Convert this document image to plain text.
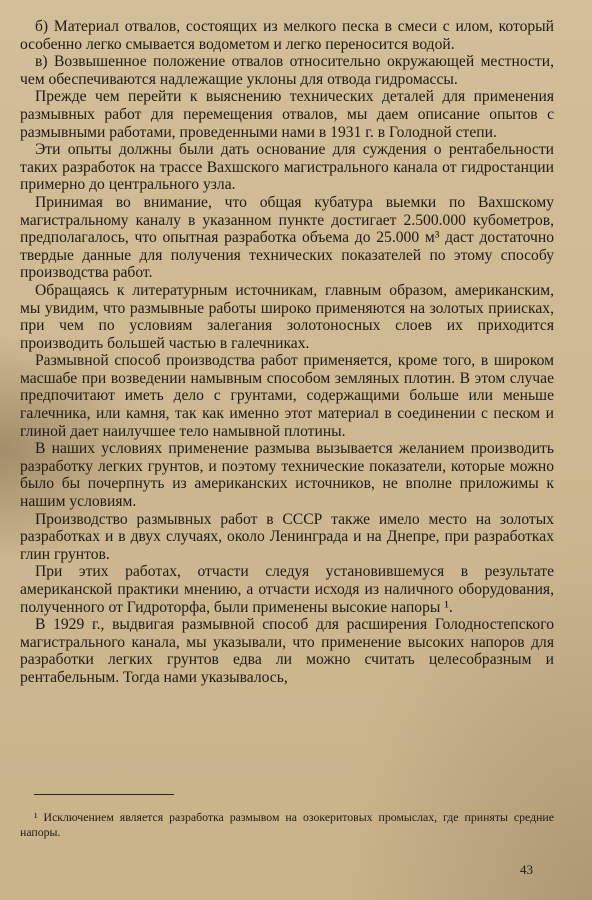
б) Материал отвалов, состоящих из мелкого песка в смеси с илом, который особенно легко смывается водометом и легко переносится водой.

в) Возвышенное положение отвалов относительно окружающей местности, чем обеспечиваются надлежащие уклоны для отвода гидромассы.

Прежде чем перейти к выяснению технических деталей для применения размывных работ для перемещения отвалов, мы даем описание опытов с размывными работами, проведенными нами в 1931 г. в Голодной степи.

Эти опыты должны были дать основание для суждения о рентабельности таких разработок на трассе Вахшского магистрального канала от гидростанции примерно до центрального узла.

Принимая во внимание, что общая кубатура выемки по Вахшскому магистральному каналу в указанном пункте достигает 2.500.000 кубометров, предполагалось, что опытная разработка объема до 25.000 м³ даст достаточно твердые данные для получения технических показателей по этому способу производства работ.

Обращаясь к литературным источникам, главным образом, американским, мы увидим, что размывные работы широко применяются на золотых приисках, при чем по условиям залегания золотоносных слоев их приходится производить большей частью в галечниках.

Размывной способ производства работ применяется, кроме того, в широком масшабе при возведении намывным способом земляных плотин. В этом случае предпочитают иметь дело с грунтами, содержащими больше или меньше галечника, или камня, так как именно этот материал в соединении с песком и глиной дает наилучшее тело намывной плотины.

В наших условиях применение размыва вызывается желанием производить разработку легких грунтов, и поэтому технические показатели, которые можно было бы почерпнуть из американских источников, не вполне приложимы к нашим условиям.

Производство размывных работ в СССР также имело место на золотых разработках и в двух случаях, около Ленинграда и на Днепре, при разработках глин грунтов.

При этих работах, отчасти следуя установившемуся в результате американской практики мнению, а отчасти исходя из наличного оборудования, полученного от Гидроторфа, были применены высокие напоры ¹.

В 1929 г., выдвигая размывной способ для расширения Голодностепского магистрального канала, мы указывали, что применение высоких напоров для разработки легких грунтов едва ли можно считать целесобразным и рентабельным. Тогда нами указывалось,

¹ Исключением является разработка размывом на озокеритовых промыслах, где приняты средние напоры.

43
